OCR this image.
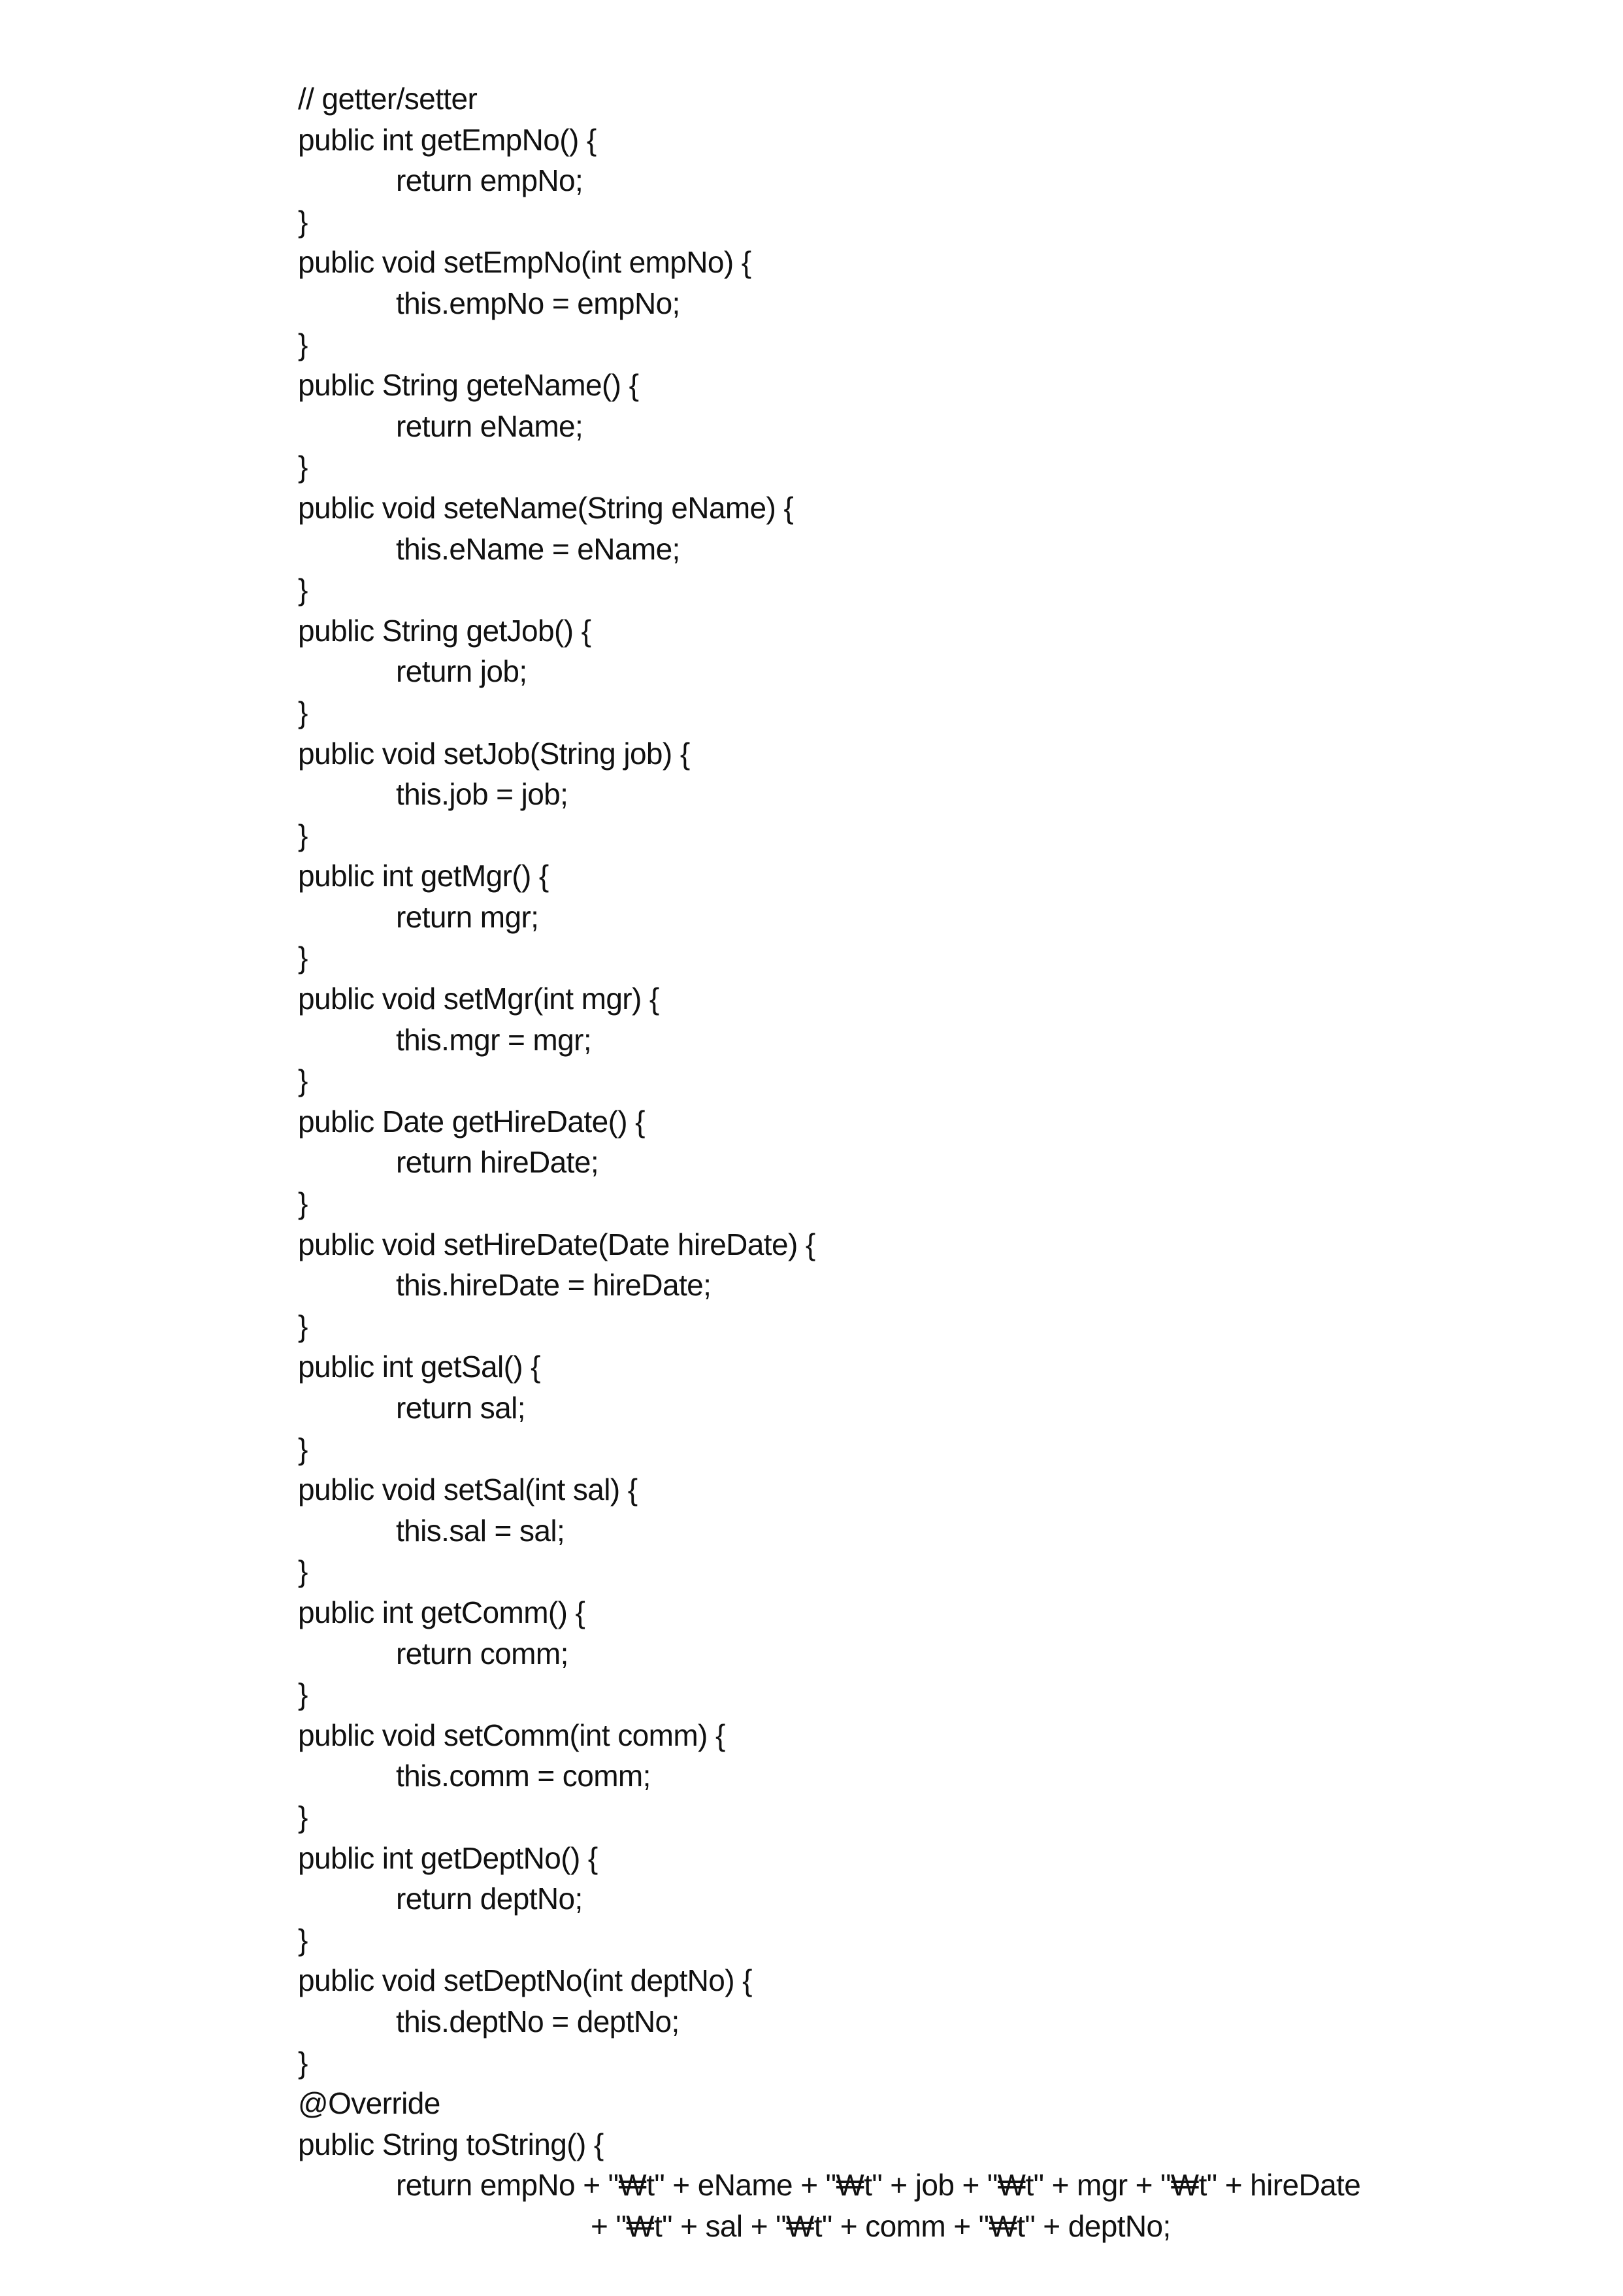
// getter/setter
public int getEmpNo() {
return empNo;
}
public void setEmpNo(int empNo) {
this.empNo = empNo;
}
public String geteName() {
return eName;
}
public void seteName(String eName) {
this.eName = eName;
}
public String getJob() {
return job;
}
public void setJob(String job) {
this.job = job;
}
public int getMgr() {
return mgr;
}
public void setMgr(int mgr) {
this.mgr = mgr;
}
public Date getHireDate() {
return hireDate;
}
public void setHireDate(Date hireDate) {
this.hireDate = hireDate;
}
public int getSal() {
return sal;
}
public void setSal(int sal) {
this.sal = sal;
}
public int getComm() {
return comm;
}
public void setComm(int comm) {
this.comm = comm;
}
public int getDeptNo() {
return deptNo;
}
public void setDeptNo(int deptNo) {
this.deptNo = deptNo;
}
@Override
public String toString() {
return empNo + "₩t" + eName + "₩t" + job + "₩t" + mgr + "₩t" + hireDate
+ "₩t" + sal + "₩t" + comm + "₩t" + deptNo;
